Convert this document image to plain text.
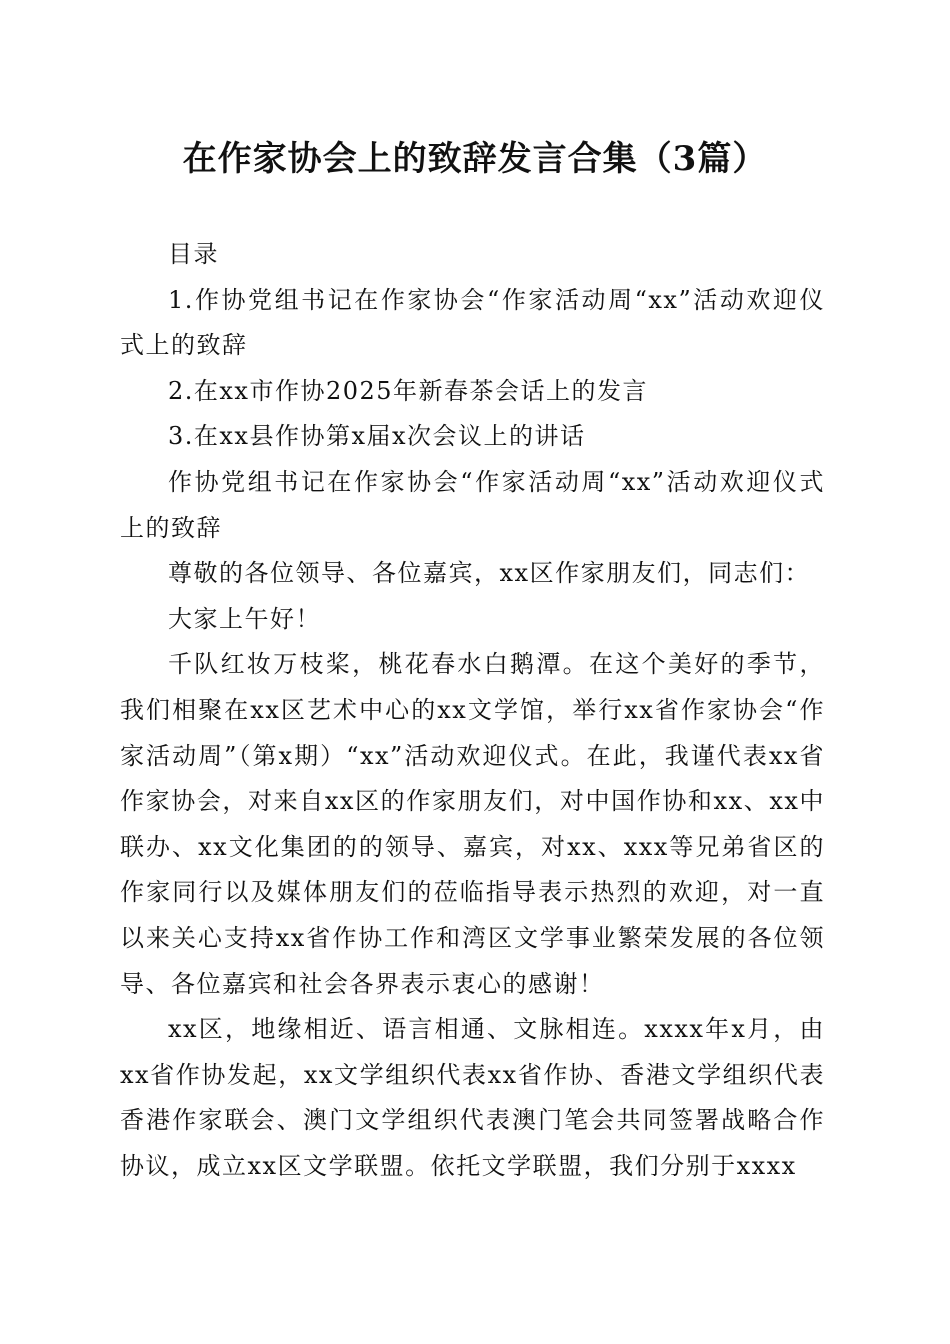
在作家协会上的致辞发言合集（3篇）

目录

1.作协党组书记在作家协会“作家活动周“xx”活动欢迎仪式上的致辞

2.在xx市作协2025年新春茶会话上的发言

3.在xx县作协第x届x次会议上的讲话

作协党组书记在作家协会“作家活动周“xx”活动欢迎仪式上的致辞

尊敬的各位领导、各位嘉宾，xx区作家朋友们，同志们：

大家上午好！

千队红妆万枝桨，桃花春水白鹅潭。在这个美好的季节，我们相聚在xx区艺术中心的xx文学馆，举行xx省作家协会“作家活动周”（第x期）“xx”活动欢迎仪式。在此，我谨代表xx省作家协会，对来自xx区的作家朋友们，对中国作协和xx、xx中联办、xx文化集团的的领导、嘉宾，对xx、xxx等兄弟省区的作家同行以及媒体朋友们的莅临指导表示热烈的欢迎，对一直以来关心支持xx省作协工作和湾区文学事业繁荣发展的各位领导、各位嘉宾和社会各界表示衷心的感谢！

xx区，地缘相近、语言相通、文脉相连。xxxx年x月，由xx省作协发起，xx文学组织代表xx省作协、香港文学组织代表香港作家联会、澳门文学组织代表澳门笔会共同签署战略合作协议，成立xx区文学联盟。依托文学联盟，我们分别于xxxx
